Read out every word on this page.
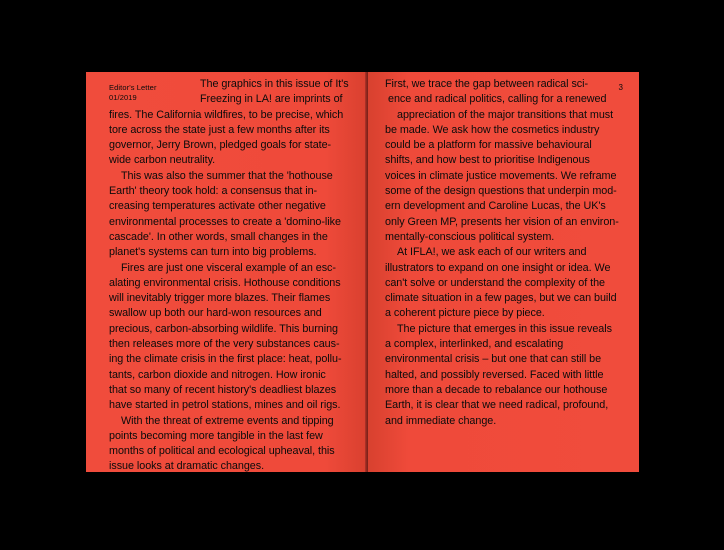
Editor's Letter
01/2019

The graphics in this issue of It's

Freezing in LA! are imprints of

fires. The California wildfires, to be precise, which

tore across the state just a few months after its

governor, Jerry Brown, pledged goals for state-

wide carbon neutrality.

This was also the summer that the 'hothouse

Earth' theory took hold: a consensus that in-

creasing temperatures activate other negative

environmental processes to create a 'domino-like

cascade'. In other words, small changes in the

planet's systems can turn into big problems.

Fires are just one visceral example of an esc-

alating environmental crisis. Hothouse conditions

will inevitably trigger more blazes. Their flames

swallow up both our hard-won resources and

precious, carbon-absorbing wildlife. This burning

then releases more of the very substances caus-

ing the climate crisis in the first place: heat, pollu-

tants, carbon dioxide and nitrogen. How ironic

that so many of recent history's deadliest blazes

have started in petrol stations, mines and oil rigs.

With the threat of extreme events and tipping

points becoming more tangible in the last few

months of political and ecological upheaval, this

issue looks at dramatic changes.

3

First, we trace the gap between radical sci-

ence and radical politics, calling for a renewed

appreciation of the major transitions that must

be made. We ask how the cosmetics industry

could be a platform for massive behavioural

shifts, and how best to prioritise Indigenous

voices in climate justice movements. We reframe

some of the design questions that underpin mod-

ern development and Caroline Lucas, the UK's

only Green MP, presents her vision of an environ-

mentally-conscious political system.

At IFLA!, we ask each of our writers and

illustrators to expand on one insight or idea. We

can't solve or understand the complexity of the

climate situation in a few pages, but we can build

a coherent picture piece by piece.

The picture that emerges in this issue reveals

a complex, interlinked, and escalating

environmental crisis – but one that can still be

halted, and possibly reversed. Faced with little

more than a decade to rebalance our hothouse

Earth, it is clear that we need radical, profound,

and immediate change.
